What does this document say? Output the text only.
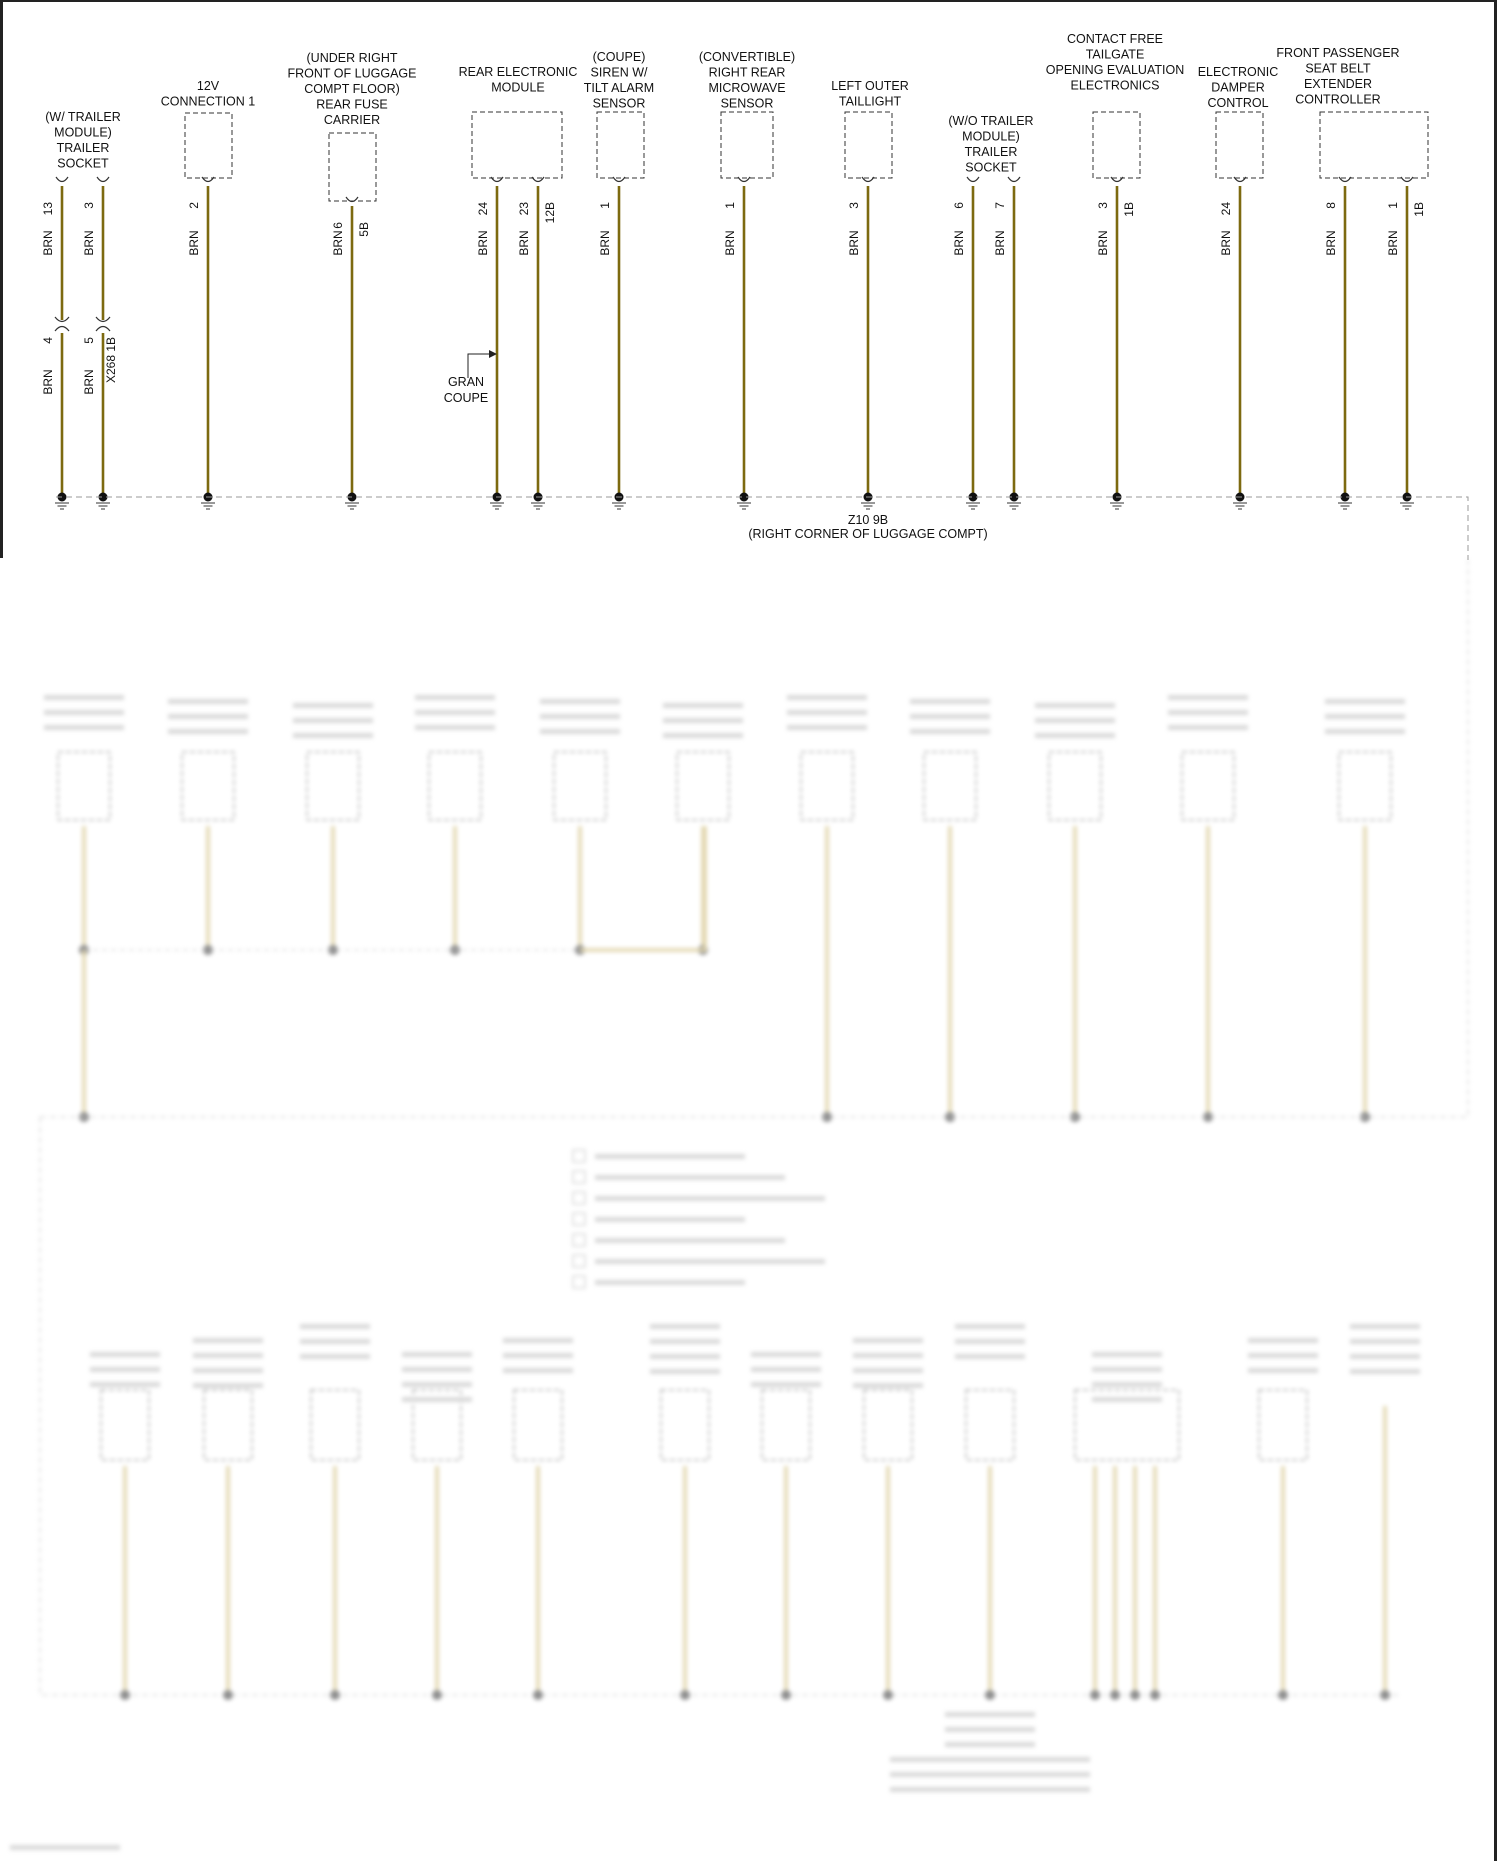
(W/ TRAILER
MODULE)
TRAILER
SOCKET
12V
CONNECTION 1
(UNDER RIGHT
FRONT OF LUGGAGE
COMPT FLOOR)
REAR FUSE
CARRIER
REAR ELECTRONIC
MODULE
(COUPE)
SIREN W/
TILT ALARM
SENSOR
(CONVERTIBLE)
RIGHT REAR
MICROWAVE
SENSOR
LEFT OUTER
TAILLIGHT
(W/O TRAILER
MODULE)
TRAILER
SOCKET
CONTACT FREE
TAILGATE
OPENING EVALUATION
ELECTRONICS
ELECTRONIC
DAMPER
CONTROL
FRONT PASSENGER
SEAT BELT
EXTENDER
CONTROLLER
13
BRN
4
BRN
3
BRN
5
BRN X268 1B
2
BRN
6 5B
BRN
24
BRN
23 12B
BRN
1
BRN
1
BRN
3
BRN
6
BRN
7
BRN
3 1B
BRN
24
BRN
8
BRN
1 1B
BRN
GRAN
COUPE
Z10 9B
(RIGHT CORNER OF LUGGAGE COMPT)
